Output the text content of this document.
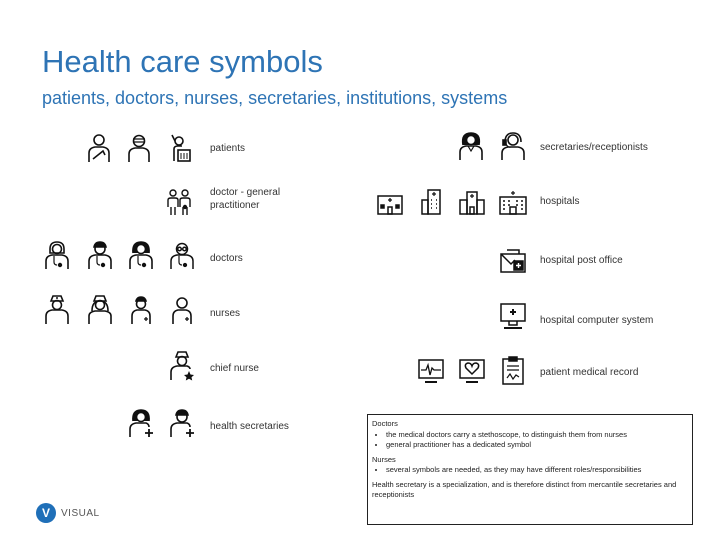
Health care symbols
patients, doctors, nurses, secretaries, institutions, systems
patients
doctor - general
practitioner
doctors
nurses
chief nurse
health secretaries
secretaries/receptionists
hospitals
hospital post office
hospital computer system
patient medical record
Doctors
• the medical doctors carry a stethoscope, to distinguish them from nurses
• general practitioner has a dedicated symbol
Nurses
• several symbols are needed, as they may have different roles/responsibilities
Health secretary is a specialization, and is therefore distinct from mercantile secretaries and receptionists
V	VISUAL
